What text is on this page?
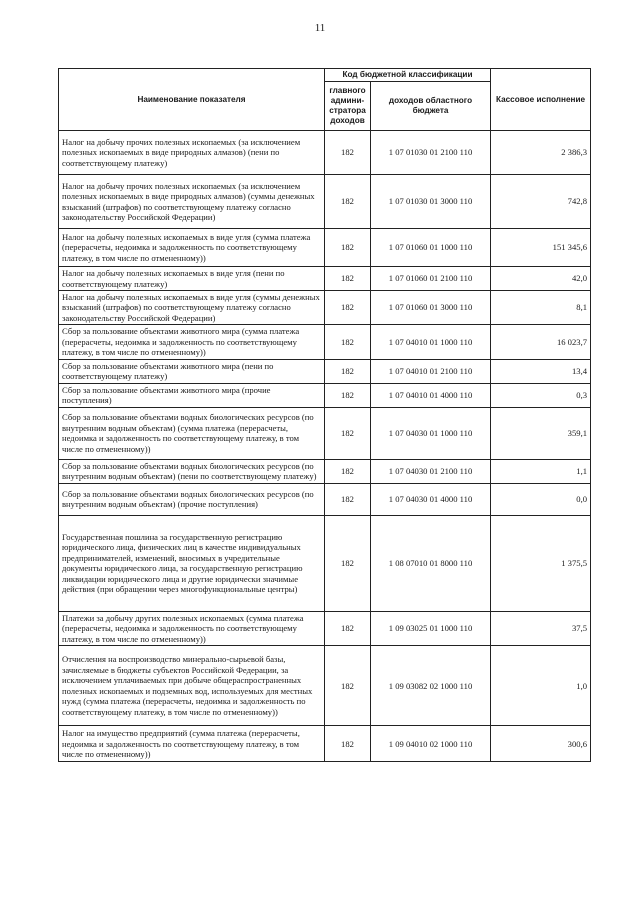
11
Наименование показателя	Код бюджетной классификации		Кассовое исполнение
	главного админи-стратора доходов	доходов областного бюджета	
Налог на добычу прочих полезных ископаемых (за исключением полезных ископаемых в виде природных алмазов) (пени по соответствующему платежу)	182	1 07 01030 01 2100 110	2 386,3
Налог на добычу прочих полезных ископаемых (за исключением полезных ископаемых в виде природных алмазов) (суммы денежных взысканий (штрафов) по соответствующему платежу согласно законодательству Российской Федерации)	182	1 07 01030 01 3000 110	742,8
Налог на добычу полезных ископаемых в виде угля (сумма платежа (перерасчеты, недоимка и задолженность по соответствующему платежу, в том числе по отмененному))	182	1 07 01060 01 1000 110	151 345,6
Налог на добычу полезных ископаемых в виде угля (пени по соответствующему платежу)	182	1 07 01060 01 2100 110	42,0
Налог на добычу полезных ископаемых в виде угля (суммы денежных взысканий (штрафов) по соответствующему платежу согласно законодательству Российской Федерации)	182	1 07 01060 01 3000 110	8,1
Сбор за пользование объектами животного мира (сумма платежа (перерасчеты, недоимка и задолженность по соответствующему платежу, в том числе по отмененному))	182	1 07 04010 01 1000 110	16 023,7
Сбор за пользование объектами животного мира (пени по соответствующему платежу)	182	1 07 04010 01 2100 110	13,4
Сбор за пользование объектами животного мира (прочие поступления)	182	1 07 04010 01 4000 110	0,3
Сбор за пользование объектами водных биологических ресурсов (по внутренним водным объектам) (сумма платежа (перерасчеты, недоимка и задолженность по соответствующему платежу, в том числе по отмененному))	182	1 07 04030 01 1000 110	359,1
Сбор за пользование объектами водных биологических ресурсов (по внутренним водным объектам) (пени по соответствующему платежу)	182	1 07 04030 01 2100 110	1,1
Сбор за пользование объектами водных биологических ресурсов (по внутренним водным объектам) (прочие поступления)	182	1 07 04030 01 4000 110	0,0
Государственная пошлина за государственную регистрацию юридического лица, физических лиц в качестве индивидуальных предпринимателей, изменений, вносимых в учредительные документы юридического лица, за государственную регистрацию ликвидации юридического лица и другие юридически значимые действия (при обращении через многофункциональные центры)	182	1 08 07010 01 8000 110	1 375,5
Платежи за добычу других полезных ископаемых (сумма платежа (перерасчеты, недоимка и задолженность по соответствующему платежу, в том числе по отмененному))	182	1 09 03025 01 1000 110	37,5
Отчисления на воспроизводство минерально-сырьевой базы, зачисляемые в бюджеты субъектов Российской Федерации, за исключением уплачиваемых при добыче общераспространенных полезных ископаемых и подземных вод, используемых для местных нужд (сумма платежа (перерасчеты, недоимка и задолженность по соответствующему платежу, в том числе по отмененному))	182	1 09 03082 02 1000 110	1,0
Налог на имущество предприятий (сумма платежа (перерасчеты, недоимка и задолженность по соответствующему платежу, в том числе по отмененному))	182	1 09 04010 02 1000 110	300,6
